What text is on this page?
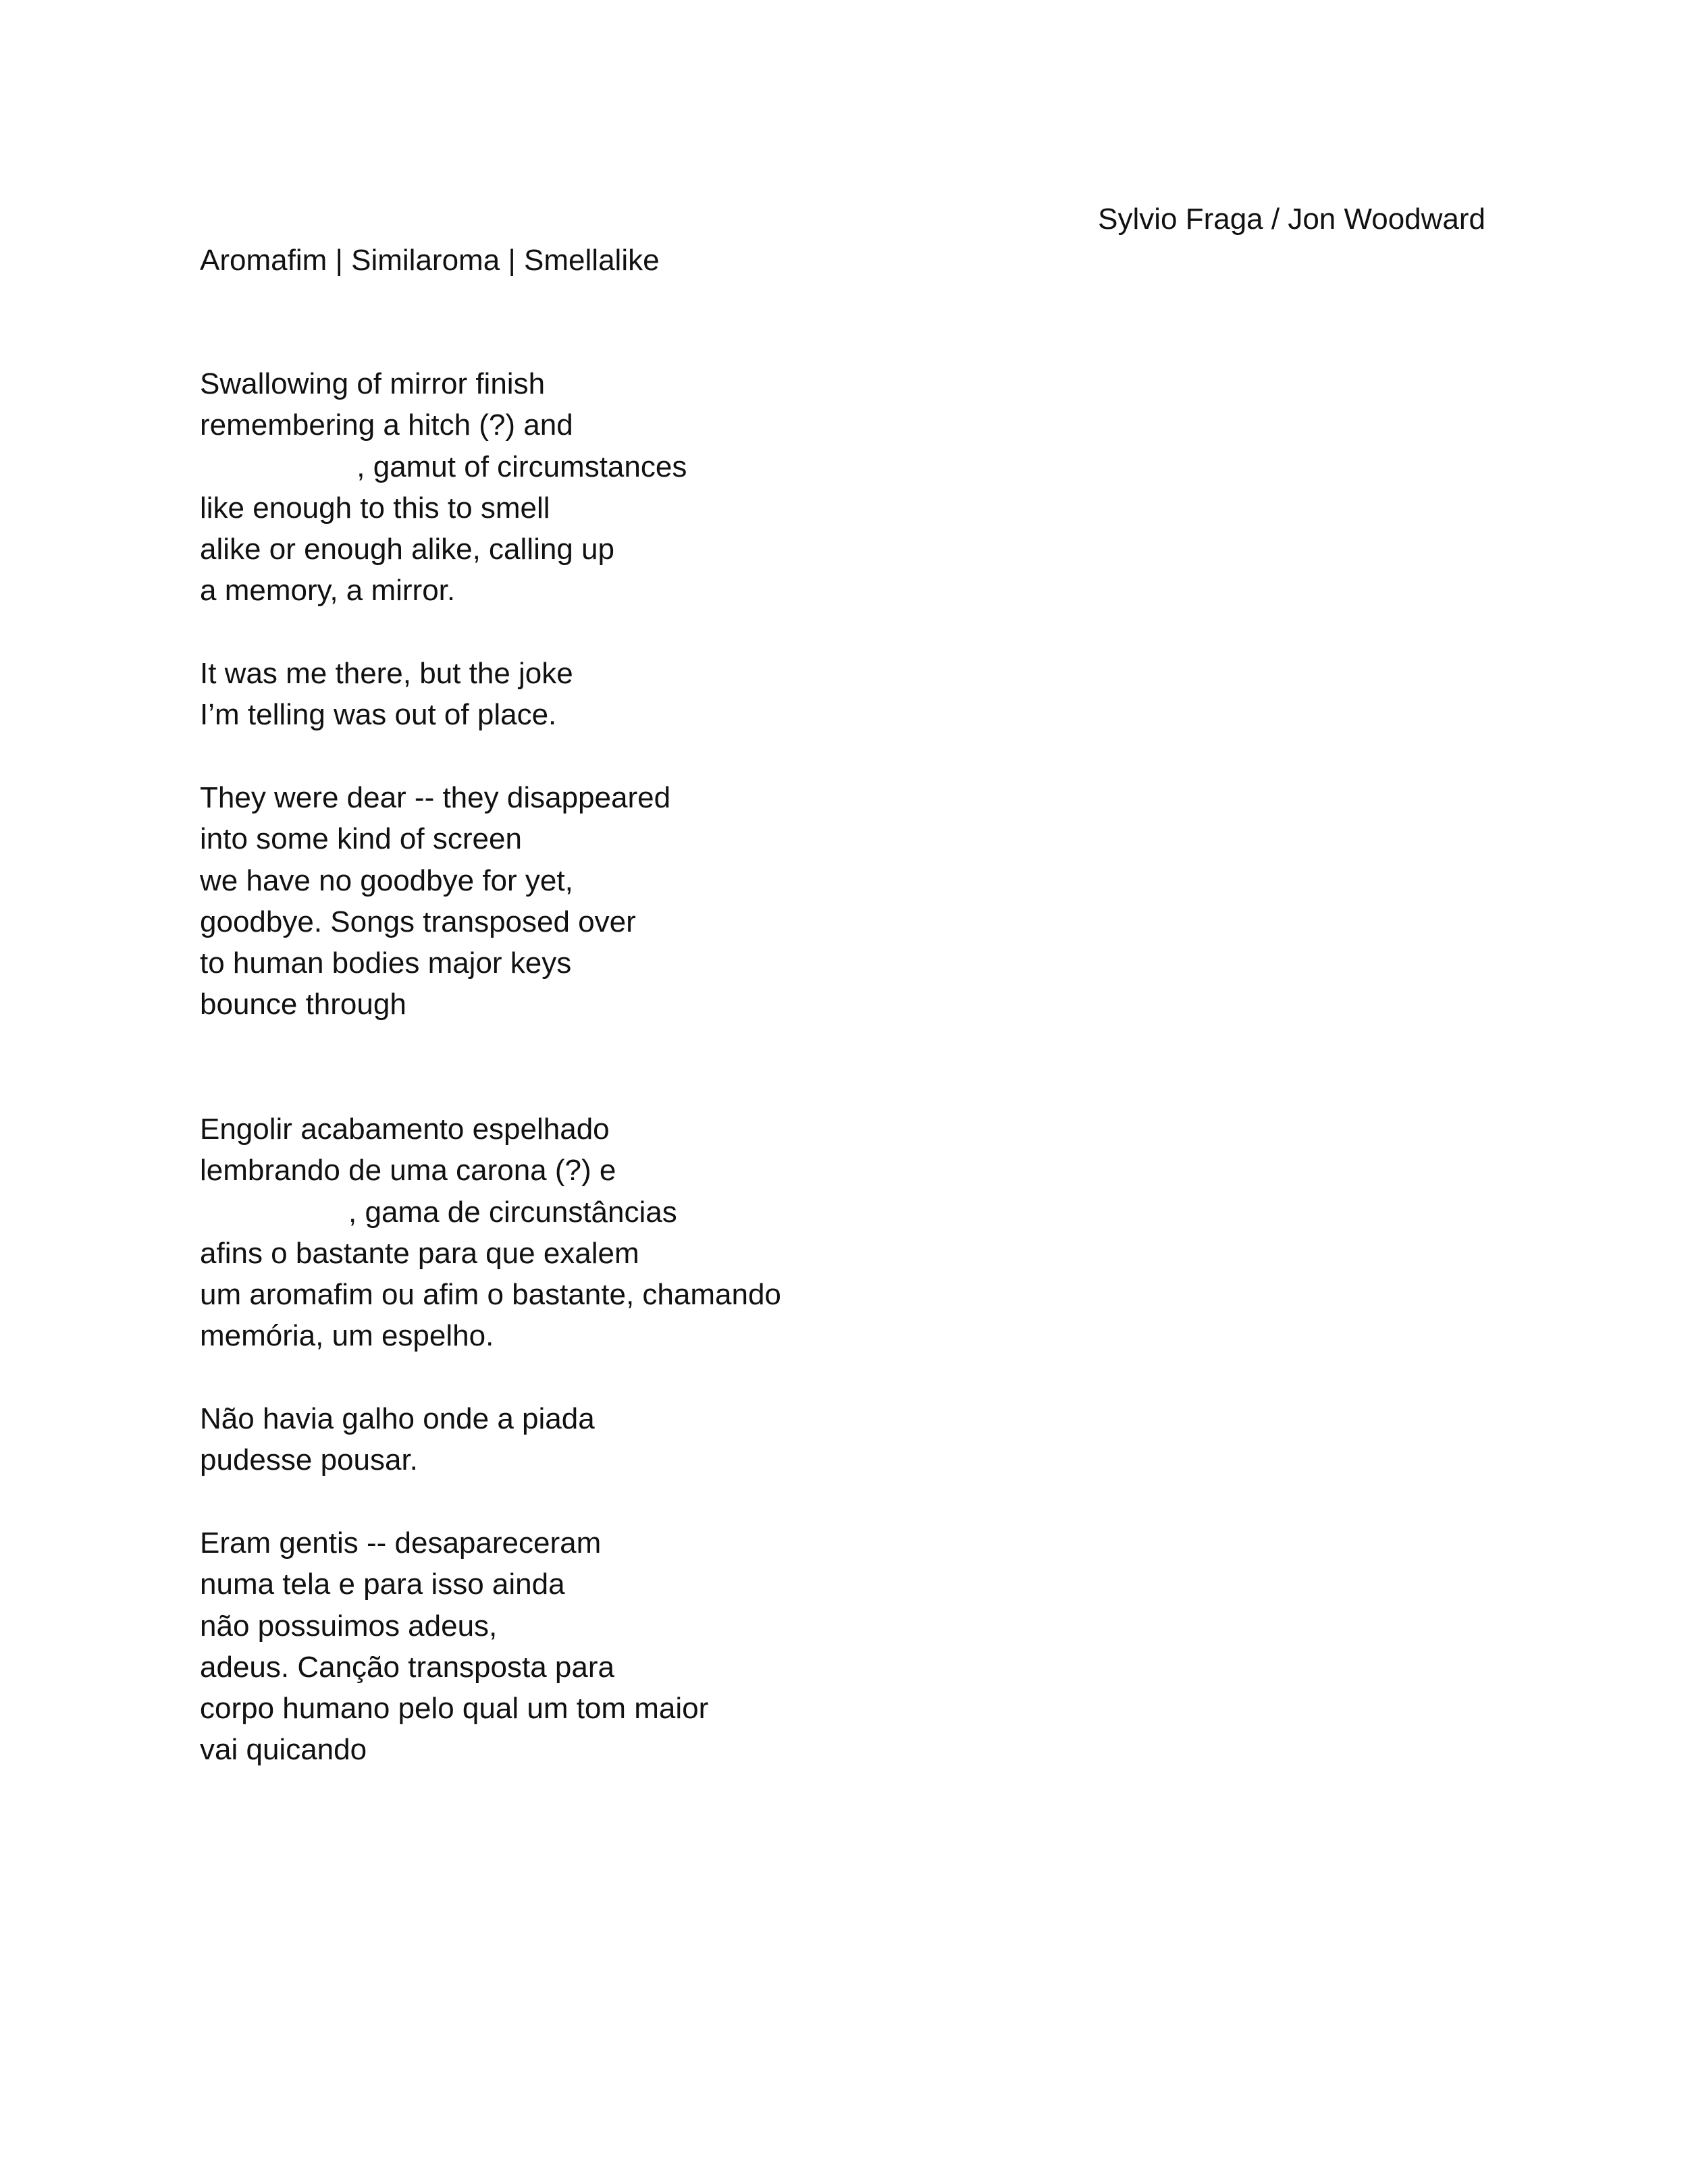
Sylvio Fraga / Jon Woodward
Aromafim | Similaroma | Smellalike
Swallowing of mirror finish
remembering a hitch (?) and
, gamut of circumstances
like enough to this to smell
alike or enough alike, calling up
a memory, a mirror.
It was me there, but the joke
I’m telling was out of place.
They were dear -- they disappeared
into some kind of screen
we have no goodbye for yet,
goodbye. Songs transposed over
to human bodies major keys
bounce through
Engolir acabamento espelhado
lembrando de uma carona (?) e
, gama de circunstâncias
afins o bastante para que exalem
um aromafim ou afim o bastante, chamando
memória, um espelho.
Não havia galho onde a piada
pudesse pousar.
Eram gentis -- desapareceram
numa tela e para isso ainda
não possuimos adeus,
adeus. Canção transposta para
corpo humano pelo qual um tom maior
vai quicando
